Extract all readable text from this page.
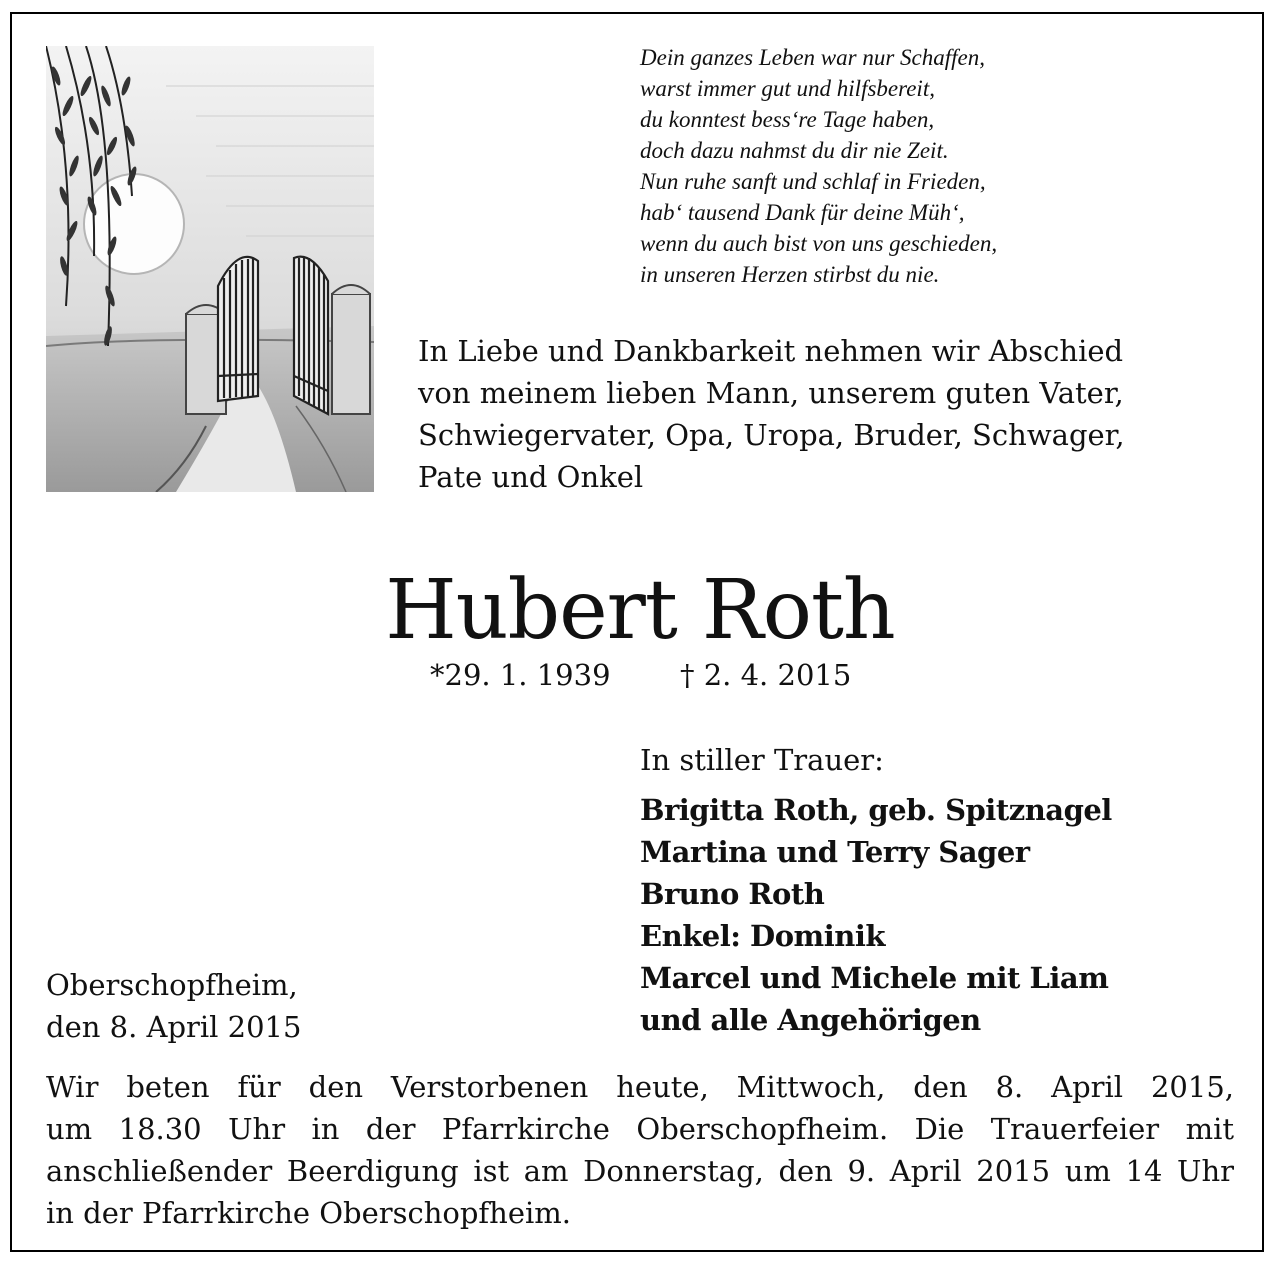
Dein ganzes Leben war nur Schaffen,
warst immer gut und hilfsbereit,
du konntest bess‘re Tage haben,
doch dazu nahmst du dir nie Zeit.
Nun ruhe sanft und schlaf in Frieden,
hab‘ tausend Dank für deine Müh‘,
wenn du auch bist von uns geschieden,
in unseren Herzen stirbst du nie.
In Liebe und Dankbarkeit nehmen wir Abschied
von meinem lieben Mann, unserem guten Vater,
Schwiegervater, Opa, Uropa, Bruder, Schwager,
Pate und Onkel
Hubert Roth
*29. 1. 1939 † 2. 4. 2015
In stiller Trauer:
Brigitta Roth, geb. Spitznagel
Martina und Terry Sager
Bruno Roth
Enkel: Dominik
Marcel und Michele mit Liam
und alle Angehörigen
Oberschopfheim,
den 8. April 2015
Wir beten für den Verstorbenen heute, Mittwoch, den 8. April 2015,
um 18.30 Uhr in der Pfarrkirche Oberschopfheim. Die Trauerfeier mit
anschließender Beerdigung ist am Donnerstag, den 9. April 2015 um 14 Uhr
in der Pfarrkirche Oberschopfheim.
